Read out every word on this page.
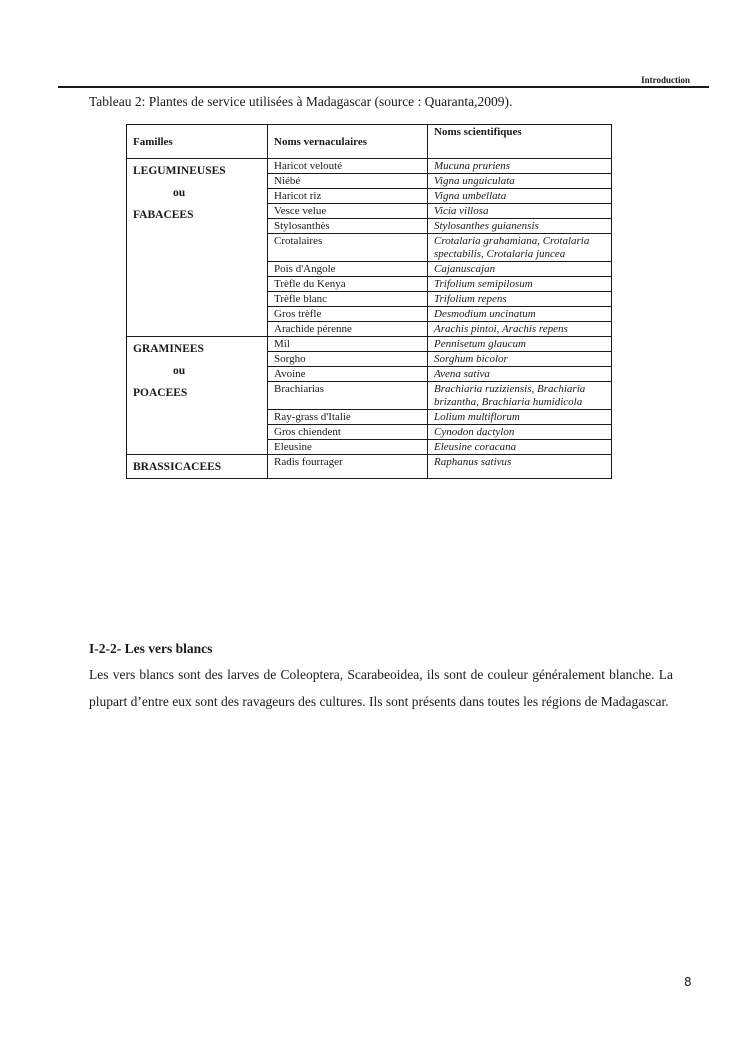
Introduction
Tableau 2: Plantes de service utilisées à Madagascar (source : Quaranta,2009).
Familles	Noms vernaculaires	Noms scientifiques

LEGUMINEUSES
ou
FABACEES	Haricot velouté	Mucuna pruriens
	Niébé	Vigna unguiculata
	Haricot riz	Vigna umbellata
	Vesce velue	Vicia villosa
	Stylosanthès	Stylosanthes guianensis
	Crotalaires	Crotalaria grahamiana, Crotalaria spectabilis, Crotalaria juncea
	Pois d'Angole	Cajanuscajan
	Trèfle du Kenya	Trifolium semipilosum
	Trèfle blanc	Trifolium repens
	Gros trèfle	Desmodium uncinatum
	Arachide pérenne	Arachis pintoi, Arachis repens

GRAMINEES
ou
POACEES	Mil	Pennisetum glaucum
	Sorgho	Sorghum bicolor
	Avoine	Avena sativa
	Brachiarias	Brachiaria ruziziensis, Brachiaria brizantha, Brachiaria humidicola
	Ray-grass d'Italie	Lolium multiflorum
	Gros chiendent	Cynodon dactylon
	Eleusine	Eleusine coracana

BRASSICACEES	Radis fourrager	Raphanus sativus
I-2-2- Les vers blancs
Les vers blancs sont des larves de Coleoptera, Scarabeoidea, ils sont de couleur généralement blanche. La plupart d’entre eux sont des ravageurs des cultures. Ils sont présents dans toutes les régions de Madagascar.
8
